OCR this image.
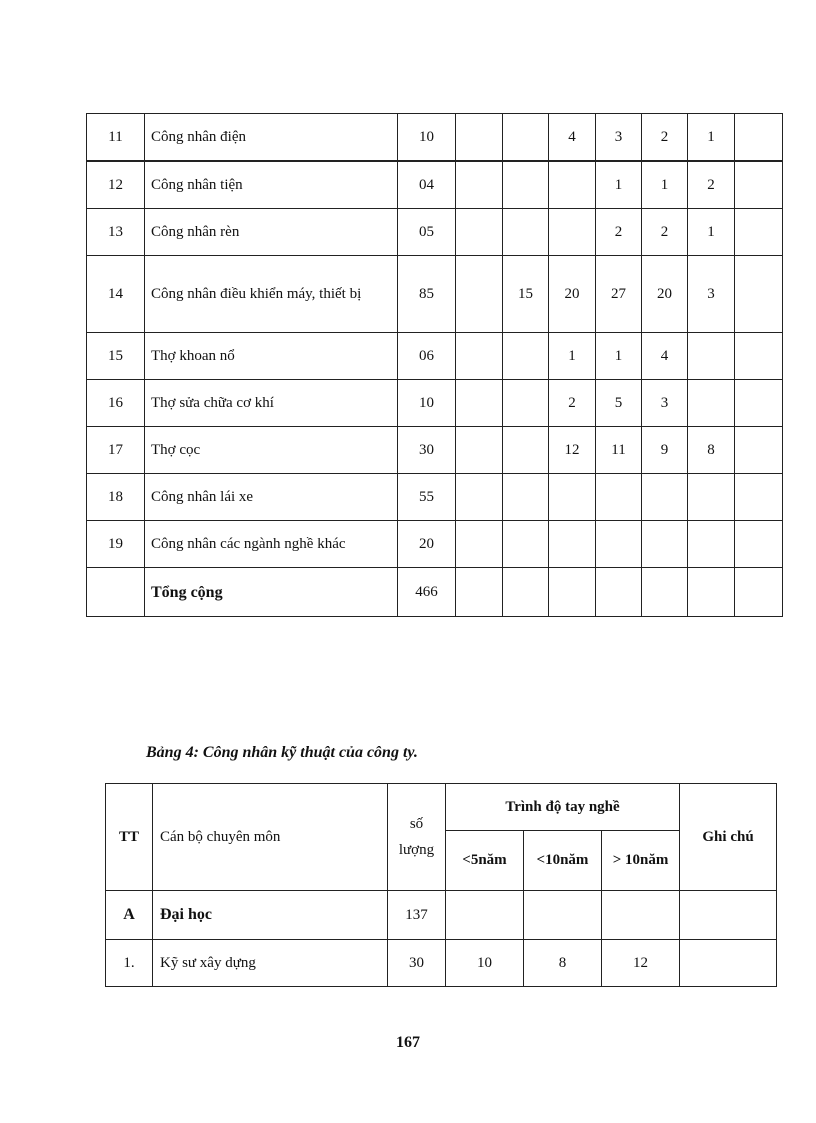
11	Công nhân điện	10			4	3	2	1	
12	Công nhân tiện	04				1	1	2	
13	Công nhân rèn	05				2	2	1	
14	Công nhân điều khiển máy, thiết bị	85		15	20	27	20	3	
15	Thợ khoan nổ	06			1	1	4		
16	Thợ sửa chữa cơ khí	10			2	5	3		
17	Thợ cọc	30			12	11	9	8	
18	Công nhân lái xe	55							
19	Công nhân các ngành nghề khác	20							
	Tổng cộng	466							
Bảng 4: Công nhân kỹ thuật của công ty.
TT	Cán bộ chuyên môn	số lượng	Trình độ tay nghề			Ghi chú
			<5năm	<10năm	> 10năm	
A	Đại học	137				
1.	Kỹ sư xây dựng	30	10	8	12	
167
